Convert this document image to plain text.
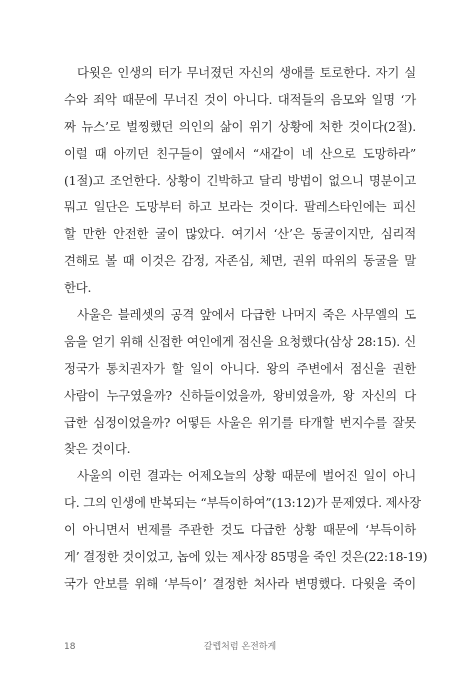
다윗은 인생의 터가 무너졌던 자신의 생애를 토로한다. 자기 실
수와 죄악 때문에 무너진 것이 아니다. 대적들의 음모와 일명 ‘가
짜 뉴스’로 벌찡했던 의인의 삶이 위기 상황에 처한 것이다(2절).
이럴 때 아끼던 친구들이 옆에서 “새같이 네 산으로 도망하라”
(1절)고 조언한다. 상황이 긴박하고 달리 방법이 없으니 명분이고
뭐고 일단은 도망부터 하고 보라는 것이다. 팔레스타인에는 피신
할 만한 안전한 굴이 많았다. 여기서 ‘산’은 동굴이지만, 심리적
견해로 볼 때 이것은 감정, 자존심, 체면, 권위 따위의 동굴을 말
한다.
사울은 블레셋의 공격 앞에서 다급한 나머지 죽은 사무엘의 도
움을 얻기 위해 신접한 여인에게 점신을 요청했다(삼상 28:15). 신
정국가 통치권자가 할 일이 아니다. 왕의 주변에서 점신을 권한
사람이 누구였을까? 신하들이었을까, 왕비였을까, 왕 자신의 다
급한 심정이었을까? 어떻든 사울은 위기를 타개할 번지수를 잘못
찾은 것이다.
사울의 이런 결과는 어제오늘의 상황 때문에 벌어진 일이 아니
다. 그의 인생에 반복되는 “부득이하여”(13:12)가 문제였다. 제사장
이 아니면서 번제를 주관한 것도 다급한 상황 때문에 ‘부득이하
게’ 결정한 것이었고, 놉에 있는 제사장 85명을 죽인 것은(22:18-19)
국가 안보를 위해 ‘부득이’ 결정한 처사라 변명했다. 다윗을 죽이
18	갈렙처럼 온전하게
